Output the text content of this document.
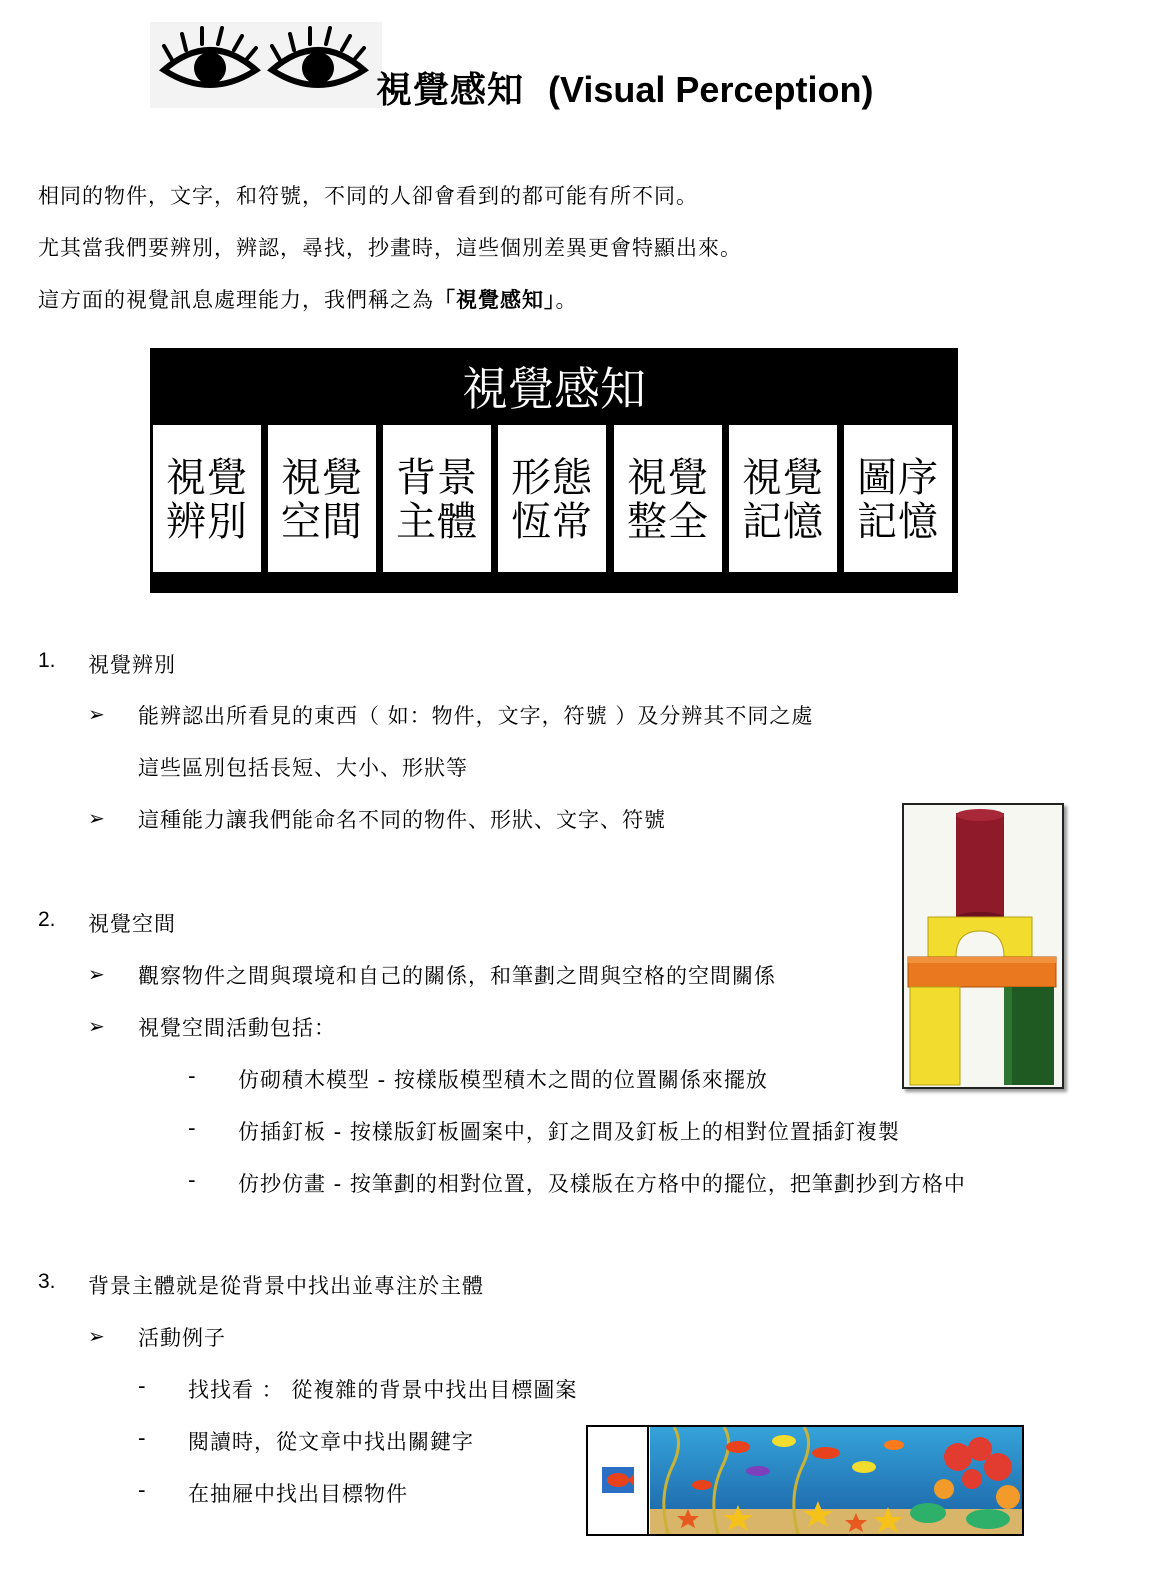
視覺感知 (Visual Perception)
相同的物件，文字，和符號，不同的人卻會看到的都可能有所不同。
尤其當我們要辨別，辨認，尋找，抄畫時，這些個別差異更會特顯出來。
這方面的視覺訊息處理能力，我們稱之為「視覺感知」。
視覺感知
視覺
辨別
視覺
空間
背景
主體
形態
恆常
視覺
整全
視覺
記憶
圖序
記憶
1. 視覺辨別
➢ 能辨認出所看見的東西（ 如：物件，文字，符號 ）及分辨其不同之處
這些區別包括長短、大小、形狀等
➢ 這種能力讓我們能命名不同的物件、形狀、文字、符號
2. 視覺空間
➢ 觀察物件之間與環境和自己的關係，和筆劃之間與空格的空間關係
➢ 視覺空間活動包括：
- 仿砌積木模型 - 按樣版模型積木之間的位置關係來擺放
- 仿插釘板 - 按樣版釘板圖案中，釘之間及釘板上的相對位置插釘複製
- 仿抄仿畫 - 按筆劃的相對位置，及樣版在方格中的擺位，把筆劃抄到方格中
3. 背景主體就是從背景中找出並專注於主體
➢ 活動例子
- 找找看 ： 從複雜的背景中找出目標圖案
- 閱讀時，從文章中找出關鍵字
- 在抽屜中找出目標物件
